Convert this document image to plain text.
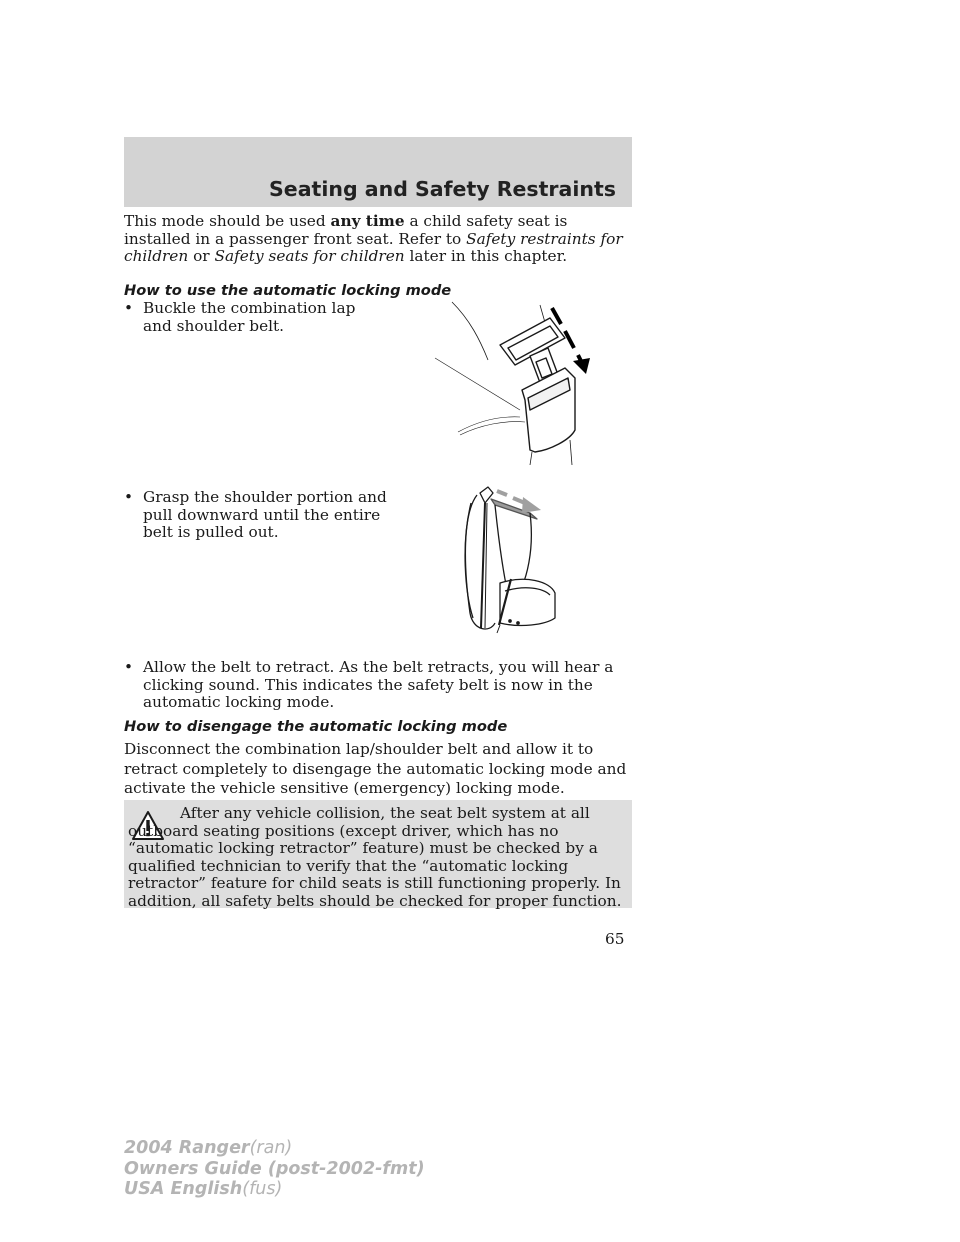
Seating and Safety Restraints
This mode should be used any time a child safety seat is installed in a passenger front seat. Refer to Safety restraints for children or Safety seats for children later in this chapter.
How to use the automatic locking mode
• Buckle the combination lap and shoulder belt.
• Grasp the shoulder portion and pull downward until the entire belt is pulled out.
• Allow the belt to retract. As the belt retracts, you will hear a clicking sound. This indicates the safety belt is now in the automatic locking mode.
How to disengage the automatic locking mode
Disconnect the combination lap/shoulder belt and allow it to retract completely to disengage the automatic locking mode and activate the vehicle sensitive (emergency) locking mode.
After any vehicle collision, the seat belt system at all outboard seating positions (except driver, which has no “automatic locking retractor” feature) must be checked by a qualified technician to verify that the “automatic locking retractor” feature for child seats is still functioning properly. In addition, all safety belts should be checked for proper function.
65
2004 Ranger(ran)
Owners Guide (post-2002-fmt)
USA English(fus)
